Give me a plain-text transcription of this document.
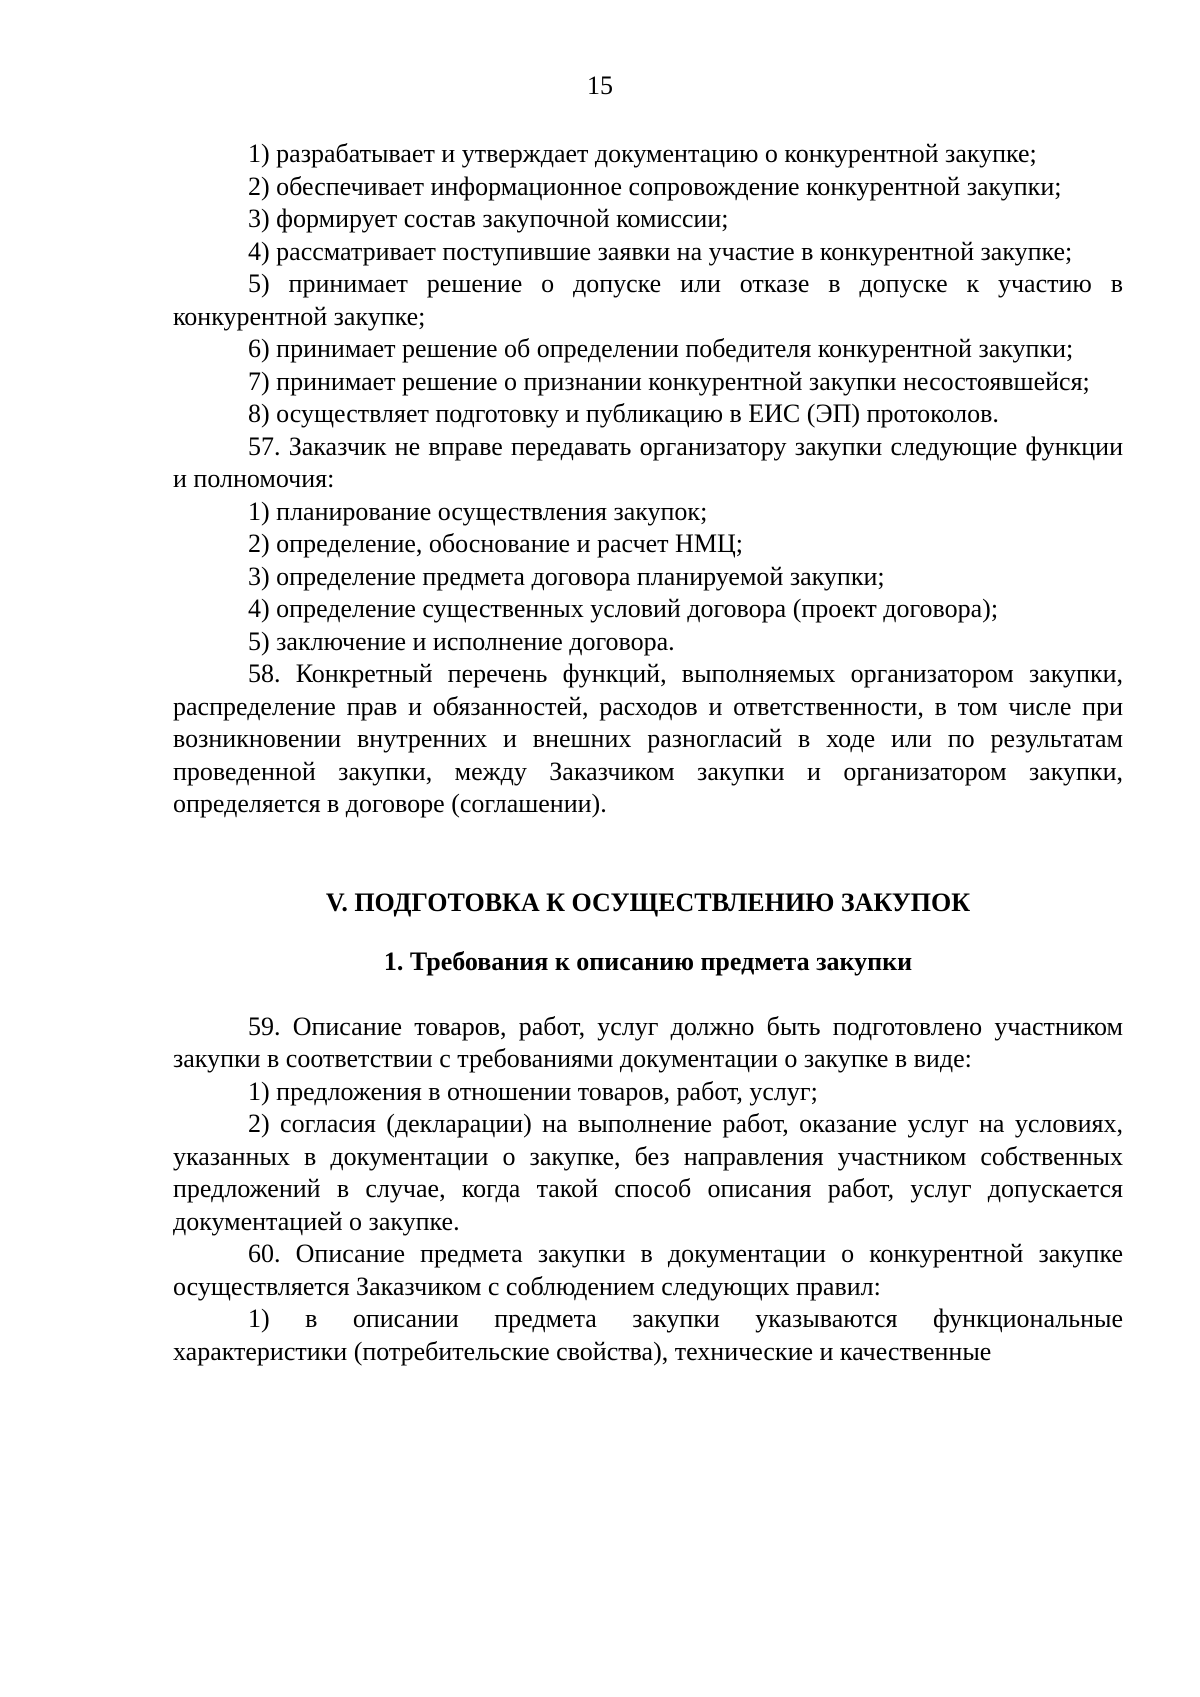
15

1) разрабатывает и утверждает документацию о конкурентной закупке;

2) обеспечивает информационное сопровождение конкурентной закупки;

3) формирует состав закупочной комиссии;

4) рассматривает поступившие заявки на участие в конкурентной закупке;

5) принимает решение о допуске или отказе в допуске к участию в конкурентной закупке;

6) принимает решение об определении победителя конкурентной закупки;

7) принимает решение о признании конкурентной закупки несостоявшейся;

8) осуществляет подготовку и публикацию в ЕИС (ЭП) протоколов.

57. Заказчик не вправе передавать организатору закупки следующие функции и полномочия:

1) планирование осуществления закупок;

2) определение, обоснование и расчет НМЦ;

3) определение предмета договора планируемой закупки;

4) определение существенных условий договора (проект договора);

5) заключение и исполнение договора.

58. Конкретный перечень функций, выполняемых организатором закупки, распределение прав и обязанностей, расходов и ответственности, в том числе при возникновении внутренних и внешних разногласий в ходе или по результатам проведенной закупки, между Заказчиком закупки и организатором закупки, определяется в договоре (соглашении).

V. ПОДГОТОВКА К ОСУЩЕСТВЛЕНИЮ ЗАКУПОК
1. Требования к описанию предмета закупки

59. Описание товаров, работ, услуг должно быть подготовлено участником закупки в соответствии с требованиями документации о закупке в виде:

1) предложения в отношении товаров, работ, услуг;

2) согласия (декларации) на выполнение работ, оказание услуг на условиях, указанных в документации о закупке, без направления участником собственных предложений в случае, когда такой способ описания работ, услуг допускается документацией о закупке.

60. Описание предмета закупки в документации о конкурентной закупке осуществляется Заказчиком с соблюдением следующих правил:

1) в описании предмета закупки указываются функциональные характеристики (потребительские свойства), технические и качественные
